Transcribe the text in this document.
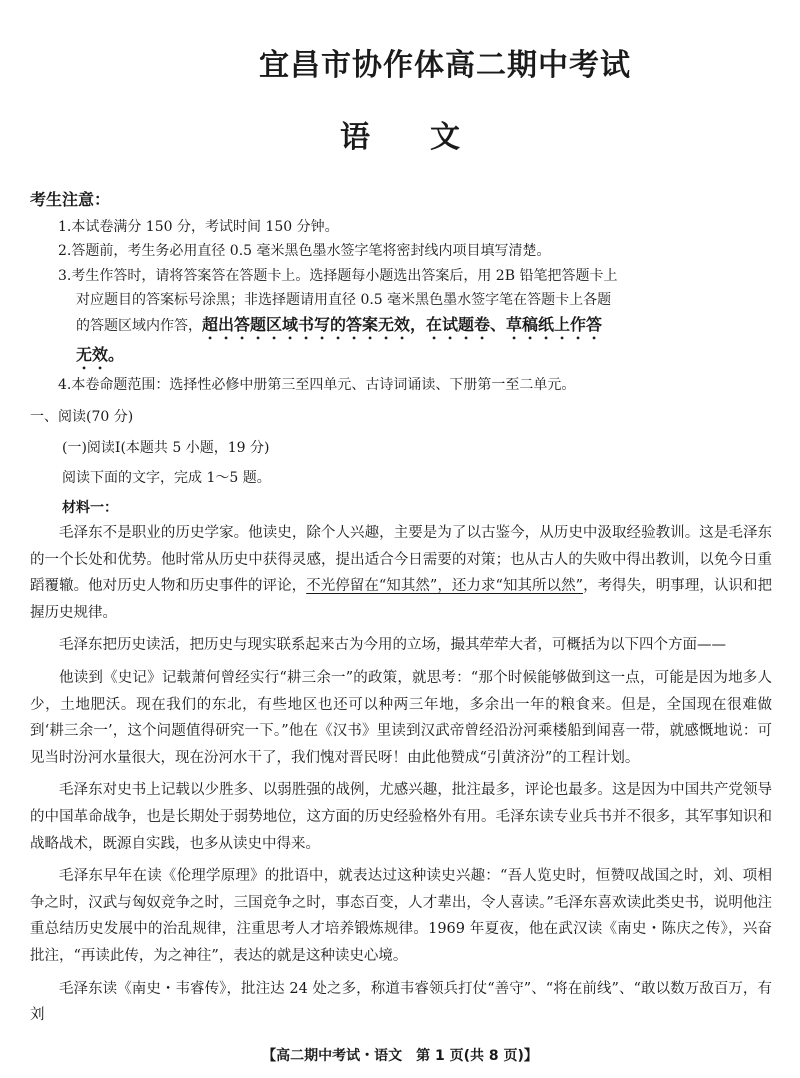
宜昌市协作体高二期中考试
语 文
考生注意：
1.本试卷满分 150 分，考试时间 150 分钟。
2.答题前，考生务必用直径 0.5 毫米黑色墨水签字笔将密封线内项目填写清楚。
3.考生作答时，请将答案答在答题卡上。选择题每小题选出答案后，用 2B 铅笔把答题卡上
对应题目的答案标号涂黑；非选择题请用直径 0.5 毫米黑色墨水签字笔在答题卡上各题
的答题区域内作答，超出答题区域书写的答案无效，在试题卷、草稿纸上作答
无效。
4.本卷命题范围：选择性必修中册第三至四单元、古诗词诵读、下册第一至二单元。
一、阅读(70 分)
(一)阅读Ⅰ(本题共 5 小题，19 分)
阅读下面的文字，完成 1～5 题。
材料一：

毛泽东不是职业的历史学家。他读史，除个人兴趣，主要是为了以古鉴今，从历史中汲取经验教训。这是毛泽东的一个长处和优势。他时常从历史中获得灵感，提出适合今日需要的对策；也从古人的失败中得出教训，以免今日重蹈覆辙。他对历史人物和历史事件的评论，不光停留在“知其然”，还力求“知其所以然”，考得失，明事理，认识和把握历史规律。

毛泽东把历史读活，把历史与现实联系起来古为今用的立场，撮其荦荦大者，可概括为以下四个方面——

他读到《史记》记载萧何曾经实行“耕三余一”的政策，就思考：“那个时候能够做到这一点，可能是因为地多人少，土地肥沃。现在我们的东北，有些地区也还可以种两三年地，多余出一年的粮食来。但是，全国现在很难做到‘耕三余一’，这个问题值得研究一下。”他在《汉书》里读到汉武帝曾经沿汾河乘楼船到闻喜一带，就感慨地说：可见当时汾河水量很大，现在汾河水干了，我们愧对晋民呀！由此他赞成“引黄济汾”的工程计划。

毛泽东对史书上记载以少胜多、以弱胜强的战例，尤感兴趣，批注最多，评论也最多。这是因为中国共产党领导的中国革命战争，也是长期处于弱势地位，这方面的历史经验格外有用。毛泽东读专业兵书并不很多，其军事知识和战略战术，既源自实践，也多从读史中得来。

毛泽东早年在读《伦理学原理》的批语中，就表达过这种读史兴趣：“吾人览史时，恒赞叹战国之时，刘、项相争之时，汉武与匈奴竞争之时，三国竞争之时，事态百变，人才辈出，令人喜读。”毛泽东喜欢读此类史书，说明他注重总结历史发展中的治乱规律，注重思考人才培养锻炼规律。1969 年夏夜，他在武汉读《南史・陈庆之传》，兴奋批注，“再读此传，为之神往”，表达的就是这种读史心境。

毛泽东读《南史・韦睿传》，批注达 24 处之多，称道韦睿领兵打仗“善守”、“将在前线”、“敢以数万敌百万，有刘

【高二期中考试・语文　第 1 页(共 8 页)】
